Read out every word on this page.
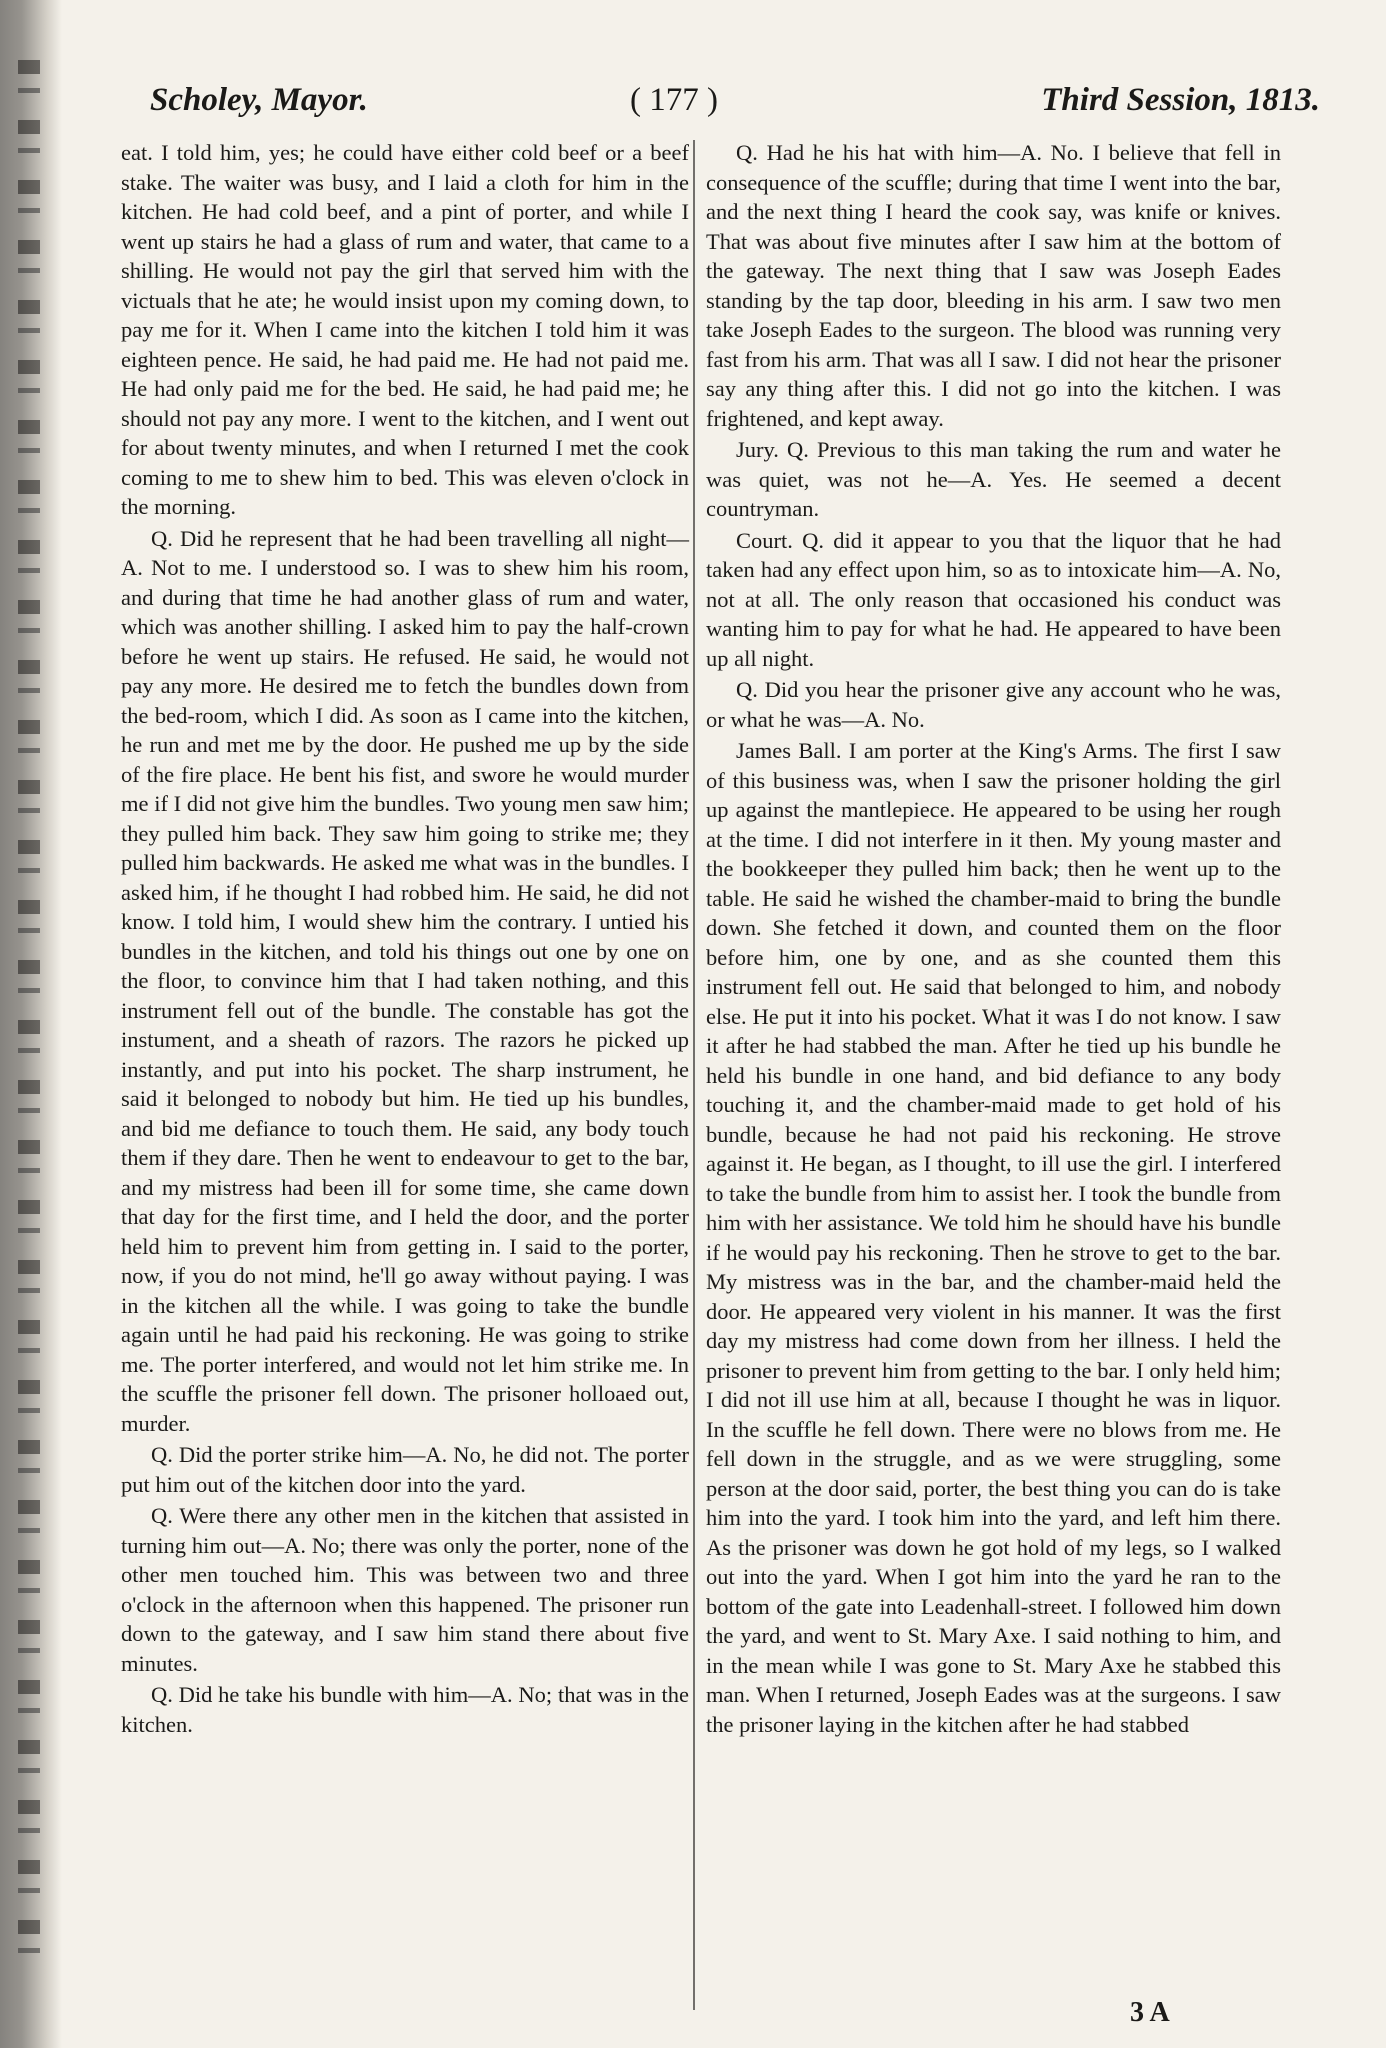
Scholey, Mayor.	( 177 )	Third Session, 1813.

eat. I told him, yes; he could have either cold beef or a beef stake. The waiter was busy, and I laid a cloth for him in the kitchen. He had cold beef, and a pint of porter, and while I went up stairs he had a glass of rum and water, that came to a shilling. He would not pay the girl that served him with the victuals that he ate; he would insist upon my coming down, to pay me for it. When I came into the kitchen I told him it was eighteen pence. He said, he had paid me. He had not paid me. He had only paid me for the bed. He said, he had paid me; he should not pay any more. I went to the kitchen, and I went out for about twenty minutes, and when I returned I met the cook coming to me to shew him to bed. This was eleven o'clock in the morning.

Q. Did he represent that he had been travelling all night—A. Not to me. I understood so. I was to shew him his room, and during that time he had another glass of rum and water, which was another shilling. I asked him to pay the half-crown before he went up stairs. He refused. He said, he would not pay any more. He desired me to fetch the bundles down from the bed-room, which I did. As soon as I came into the kitchen, he run and met me by the door. He pushed me up by the side of the fire place. He bent his fist, and swore he would murder me if I did not give him the bundles. Two young men saw him; they pulled him back. They saw him going to strike me; they pulled him backwards. He asked me what was in the bundles. I asked him, if he thought I had robbed him. He said, he did not know. I told him, I would shew him the contrary. I untied his bundles in the kitchen, and told his things out one by one on the floor, to convince him that I had taken nothing, and this instrument fell out of the bundle. The constable has got the instument, and a sheath of razors. The razors he picked up instantly, and put into his pocket. The sharp instrument, he said it belonged to nobody but him. He tied up his bundles, and bid me defiance to touch them. He said, any body touch them if they dare. Then he went to endeavour to get to the bar, and my mistress had been ill for some time, she came down that day for the first time, and I held the door, and the porter held him to prevent him from getting in. I said to the porter, now, if you do not mind, he'll go away without paying. I was in the kitchen all the while. I was going to take the bundle again until he had paid his reckoning. He was going to strike me. The porter interfered, and would not let him strike me. In the scuffle the prisoner fell down. The prisoner holloaed out, murder.

Q. Did the porter strike him—A. No, he did not. The porter put him out of the kitchen door into the yard.

Q. Were there any other men in the kitchen that assisted in turning him out—A. No; there was only the porter, none of the other men touched him. This was between two and three o'clock in the afternoon when this happened. The prisoner run down to the gateway, and I saw him stand there about five minutes.

Q. Did he take his bundle with him—A. No; that was in the kitchen.

Q. Had he his hat with him—A. No. I believe that fell in consequence of the scuffle; during that time I went into the bar, and the next thing I heard the cook say, was knife or knives. That was about five minutes after I saw him at the bottom of the gateway. The next thing that I saw was Joseph Eades standing by the tap door, bleeding in his arm. I saw two men take Joseph Eades to the surgeon. The blood was running very fast from his arm. That was all I saw. I did not hear the prisoner say any thing after this. I did not go into the kitchen. I was frightened, and kept away.

Jury. Q. Previous to this man taking the rum and water he was quiet, was not he—A. Yes. He seemed a decent countryman.

Court. Q. did it appear to you that the liquor that he had taken had any effect upon him, so as to intoxicate him—A. No, not at all. The only reason that occasioned his conduct was wanting him to pay for what he had. He appeared to have been up all night.

Q. Did you hear the prisoner give any account who he was, or what he was—A. No.

James Ball. I am porter at the King's Arms. The first I saw of this business was, when I saw the prisoner holding the girl up against the mantlepiece. He appeared to be using her rough at the time. I did not interfere in it then. My young master and the bookkeeper they pulled him back; then he went up to the table. He said he wished the chamber-maid to bring the bundle down. She fetched it down, and counted them on the floor before him, one by one, and as she counted them this instrument fell out. He said that belonged to him, and nobody else. He put it into his pocket. What it was I do not know. I saw it after he had stabbed the man. After he tied up his bundle he held his bundle in one hand, and bid defiance to any body touching it, and the chamber-maid made to get hold of his bundle, because he had not paid his reckoning. He strove against it. He began, as I thought, to ill use the girl. I interfered to take the bundle from him to assist her. I took the bundle from him with her assistance. We told him he should have his bundle if he would pay his reckoning. Then he strove to get to the bar. My mistress was in the bar, and the chamber-maid held the door. He appeared very violent in his manner. It was the first day my mistress had come down from her illness. I held the prisoner to prevent him from getting to the bar. I only held him; I did not ill use him at all, because I thought he was in liquor. In the scuffle he fell down. There were no blows from me. He fell down in the struggle, and as we were struggling, some person at the door said, porter, the best thing you can do is take him into the yard. I took him into the yard, and left him there. As the prisoner was down he got hold of my legs, so I walked out into the yard. When I got him into the yard he ran to the bottom of the gate into Leadenhall-street. I followed him down the yard, and went to St. Mary Axe. I said nothing to him, and in the mean while I was gone to St. Mary Axe he stabbed this man. When I returned, Joseph Eades was at the surgeons. I saw the prisoner laying in the kitchen after he had stabbed

3 A
